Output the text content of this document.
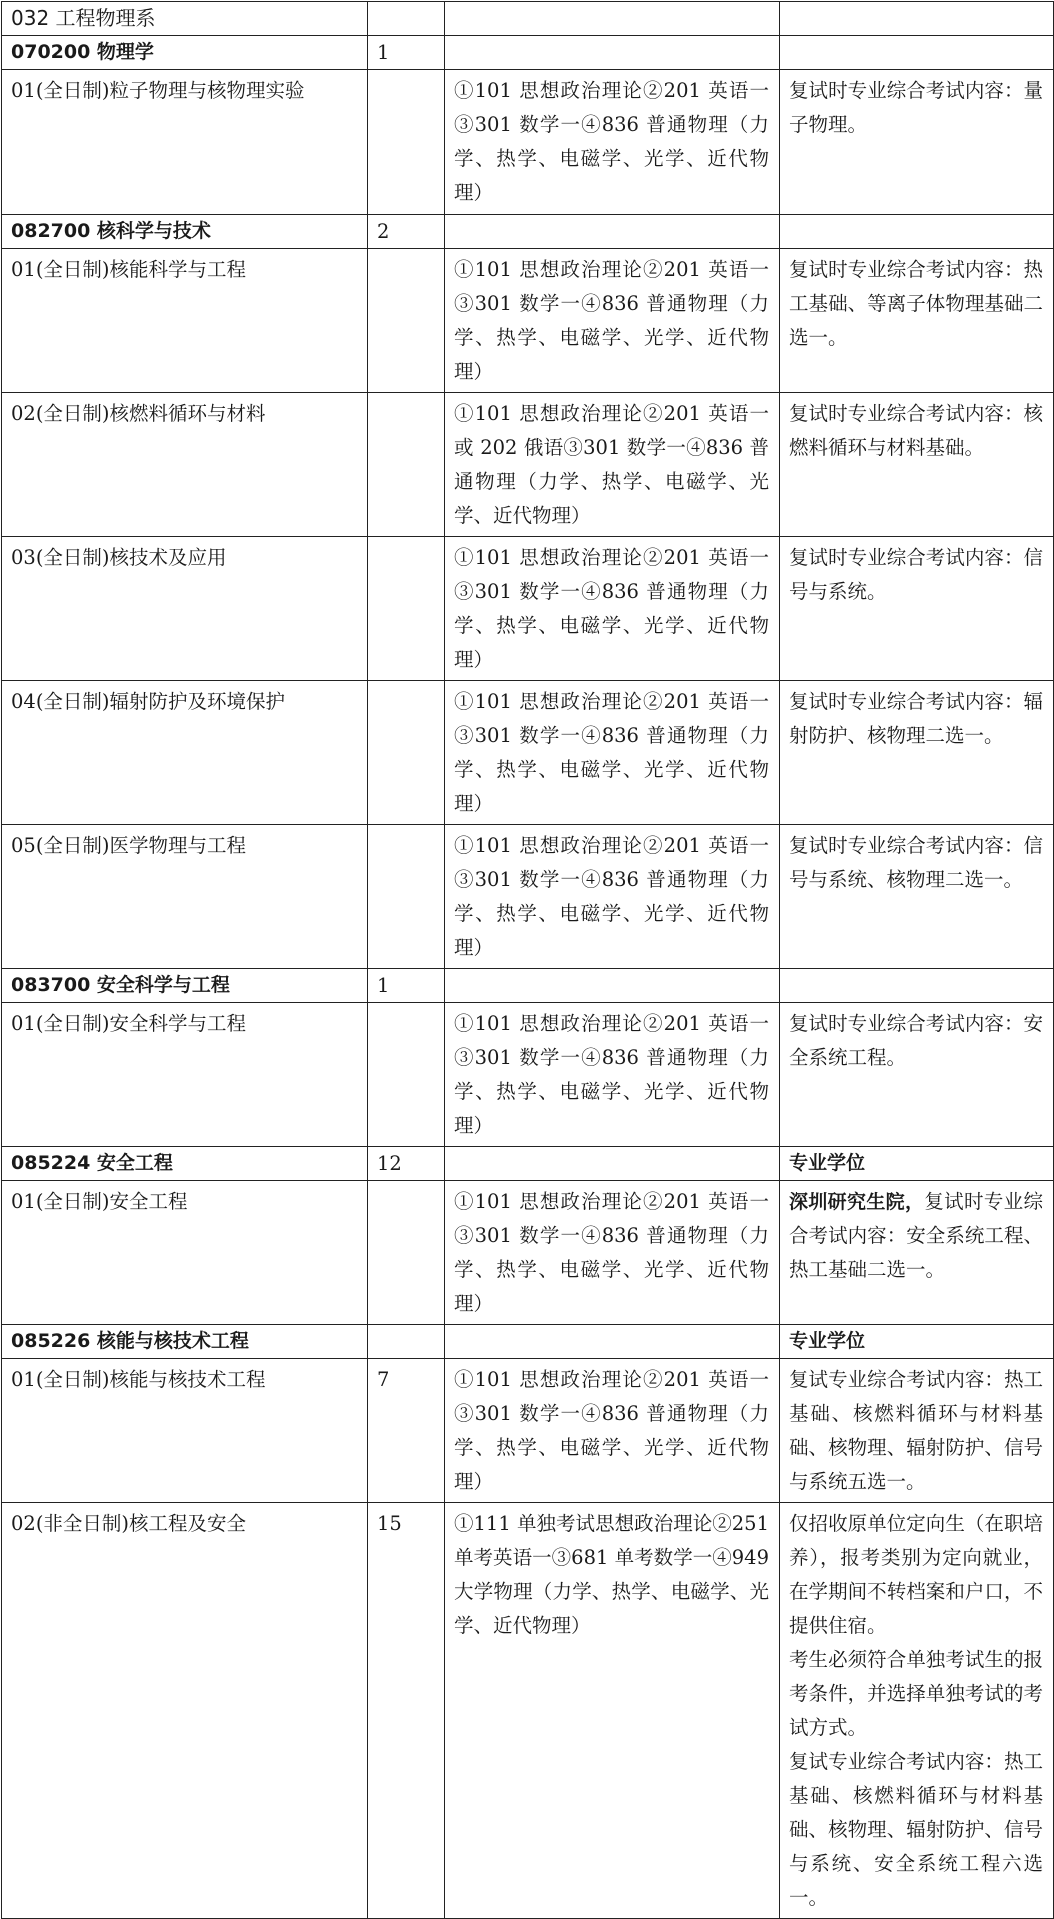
032 工程物理系			
070200 物理学	1		
01(全日制)粒子物理与核物理实验		①101 思想政治理论②201 英语一③301 数学一④836 普通物理（力学、热学、电磁学、光学、近代物理）	复试时专业综合考试内容：量子物理。
082700 核科学与技术	2		
01(全日制)核能科学与工程		①101 思想政治理论②201 英语一③301 数学一④836 普通物理（力学、热学、电磁学、光学、近代物理）	复试时专业综合考试内容：热工基础、等离子体物理基础二选一。
02(全日制)核燃料循环与材料		①101 思想政治理论②201 英语一 或 202 俄语③301 数学一④836 普通物理（力学、热学、电磁学、光学、近代物理）	复试时专业综合考试内容：核燃料循环与材料基础。
03(全日制)核技术及应用		①101 思想政治理论②201 英语一③301 数学一④836 普通物理（力学、热学、电磁学、光学、近代物理）	复试时专业综合考试内容：信号与系统。
04(全日制)辐射防护及环境保护		①101 思想政治理论②201 英语一③301 数学一④836 普通物理（力学、热学、电磁学、光学、近代物理）	复试时专业综合考试内容：辐射防护、核物理二选一。
05(全日制)医学物理与工程		①101 思想政治理论②201 英语一③301 数学一④836 普通物理（力学、热学、电磁学、光学、近代物理）	复试时专业综合考试内容：信号与系统、核物理二选一。
083700 安全科学与工程	1		
01(全日制)安全科学与工程		①101 思想政治理论②201 英语一③301 数学一④836 普通物理（力学、热学、电磁学、光学、近代物理）	复试时专业综合考试内容：安全系统工程。
085224 安全工程	12		专业学位
01(全日制)安全工程		①101 思想政治理论②201 英语一③301 数学一④836 普通物理（力学、热学、电磁学、光学、近代物理）	深圳研究生院，复试时专业综合考试内容：安全系统工程、热工基础二选一。
085226 核能与核技术工程			专业学位
01(全日制)核能与核技术工程	7	①101 思想政治理论②201 英语一③301 数学一④836 普通物理（力学、热学、电磁学、光学、近代物理）	复试专业综合考试内容：热工基础、核燃料循环与材料基础、核物理、辐射防护、信号与系统五选一。
02(非全日制)核工程及安全	15	①111 单独考试思想政治理论②251 单考英语一③681 单考数学一④949 大学物理（力学、热学、电磁学、光学、近代物理）	仅招收原单位定向生（在职培养），报考类别为定向就业，在学期间不转档案和户口，不提供住宿。
考生必须符合单独考试生的报考条件，并选择单独考试的考试方式。
复试专业综合考试内容：热工基础、核燃料循环与材料基础、核物理、辐射防护、信号与系统、安全系统工程六选一。
